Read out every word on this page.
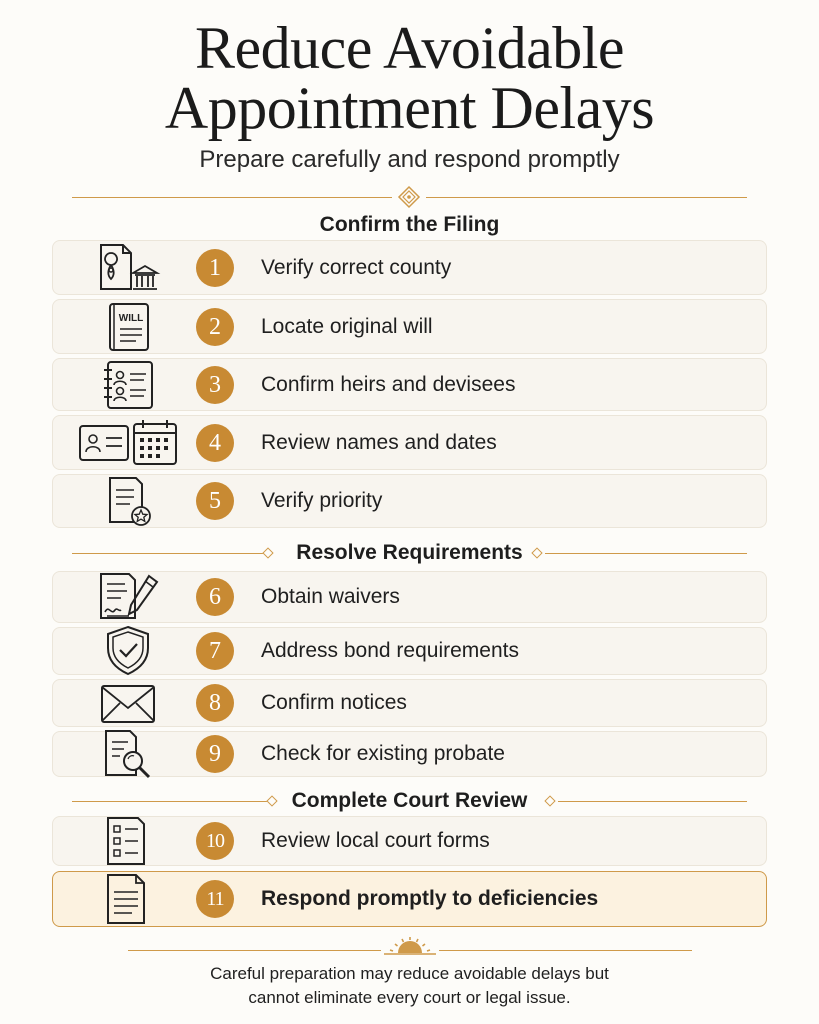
Reduce Avoidable
Appointment Delays
Prepare carefully and respond promptly
Confirm the Filing
1	Verify correct county
WILL	2	Locate original will
3	Confirm heirs and devisees
4	Review names and dates
5	Verify priority
Resolve Requirements
6	Obtain waivers
7	Address bond requirements
8	Confirm notices
9	Check for existing probate
Complete Court Review
10	Review local court forms
11	Respond promptly to deficiencies
Careful preparation may reduce avoidable delays but
cannot eliminate every court or legal issue.
